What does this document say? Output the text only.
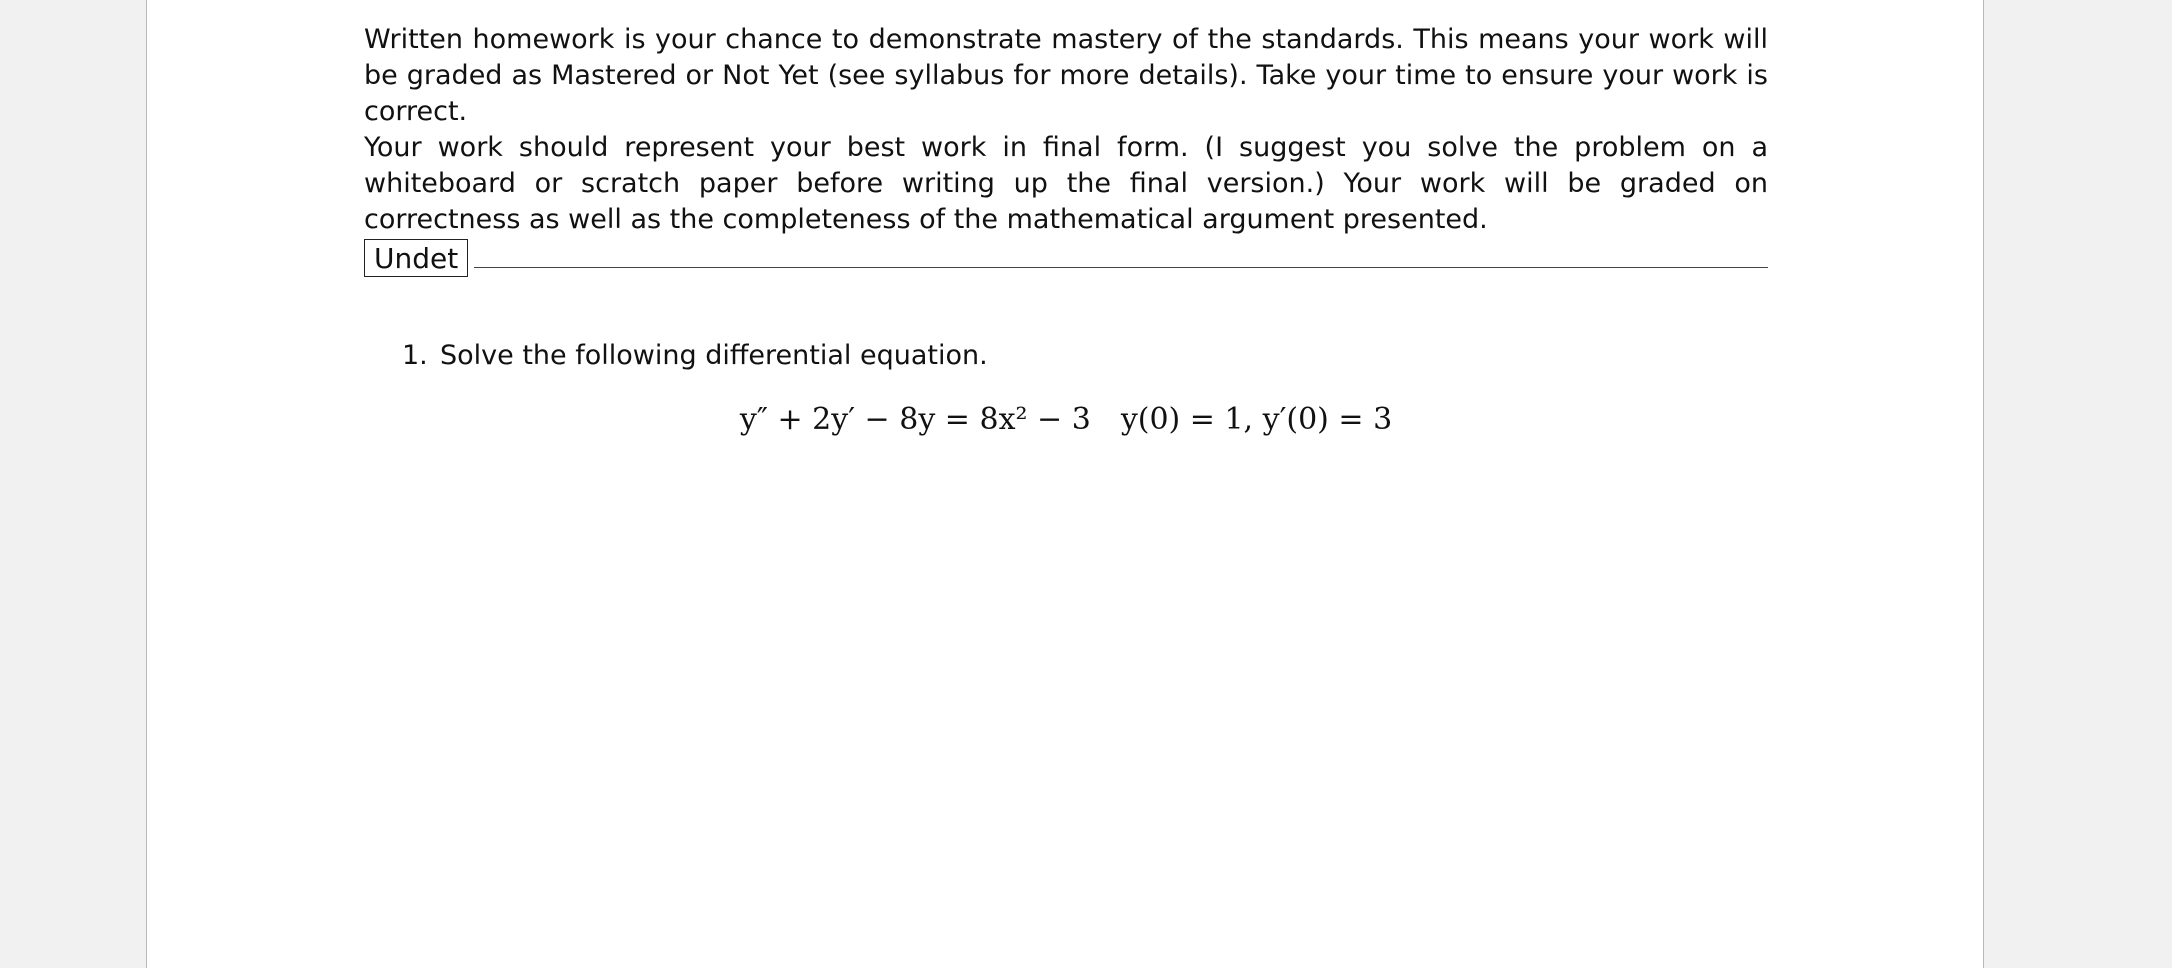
Written homework is your chance to demonstrate mastery of the standards. This means your work will be graded as Mastered or Not Yet (see syllabus for more details). Take your time to ensure your work is correct.

Your work should represent your best work in final form. (I suggest you solve the problem on a whiteboard or scratch paper before writing up the final version.) Your work will be graded on correctness as well as the completeness of the mathematical argument presented.

Undet
1. Solve the following differential equation.
y″ + 2y′ − 8y = 8x² − 3 y(0) = 1, y′(0) = 3
